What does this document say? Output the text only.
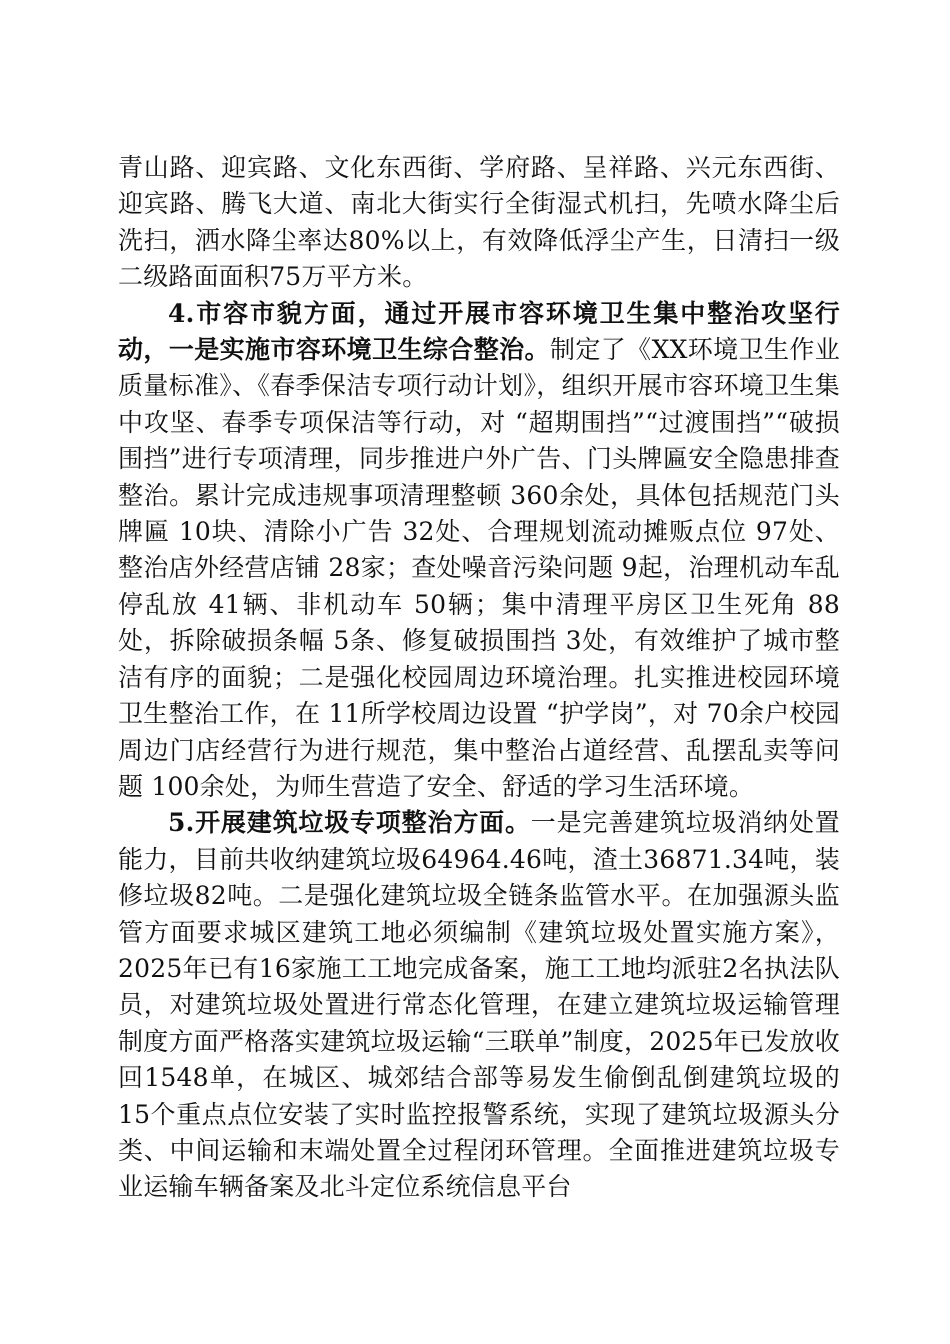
青山路、迎宾路、文化东西街、学府路、呈祥路、兴元东西街、迎宾路、腾飞大道、南北大街实行全街湿式机扫，先喷水降尘后洗扫，洒水降尘率达80%以上，有效降低浮尘产生，日清扫一级二级路面面积75万平方米。

4.市容市貌方面，通过开展市容环境卫生集中整治攻坚行动，一是实施市容环境卫生综合整治。制定了《XX环境卫生作业质量标准》、《春季保洁专项行动计划》，组织开展市容环境卫生集中攻坚、春季专项保洁等行动，对 “超期围挡”“过渡围挡”“破损围挡”进行专项清理，同步推进户外广告、门头牌匾安全隐患排查整治。累计完成违规事项清理整顿 360余处，具体包括规范门头牌匾 10块、清除小广告 32处、合理规划流动摊贩点位 97处、整治店外经营店铺 28家；查处噪音污染问题 9起，治理机动车乱停乱放 41辆、非机动车 50辆；集中清理平房区卫生死角 88处，拆除破损条幅 5条、修复破损围挡 3处，有效维护了城市整洁有序的面貌；二是强化校园周边环境治理。扎实推进校园环境卫生整治工作，在 11所学校周边设置 “护学岗”，对 70余户校园周边门店经营行为进行规范，集中整治占道经营、乱摆乱卖等问题 100余处，为师生营造了安全、舒适的学习生活环境。

5.开展建筑垃圾专项整治方面。一是完善建筑垃圾消纳处置能力，目前共收纳建筑垃圾64964.46吨，渣土36871.34吨，装修垃圾82吨。二是强化建筑垃圾全链条监管水平。在加强源头监管方面要求城区建筑工地必须编制《建筑垃圾处置实施方案》，2025年已有16家施工工地完成备案，施工工地均派驻2名执法队员，对建筑垃圾处置进行常态化管理，在建立建筑垃圾运输管理制度方面严格落实建筑垃圾运输“三联单”制度，2025年已发放收回1548单，在城区、城郊结合部等易发生偷倒乱倒建筑垃圾的15个重点点位安装了实时监控报警系统，实现了建筑垃圾源头分类、中间运输和末端处置全过程闭环管理。全面推进建筑垃圾专业运输车辆备案及北斗定位系统信息平台
